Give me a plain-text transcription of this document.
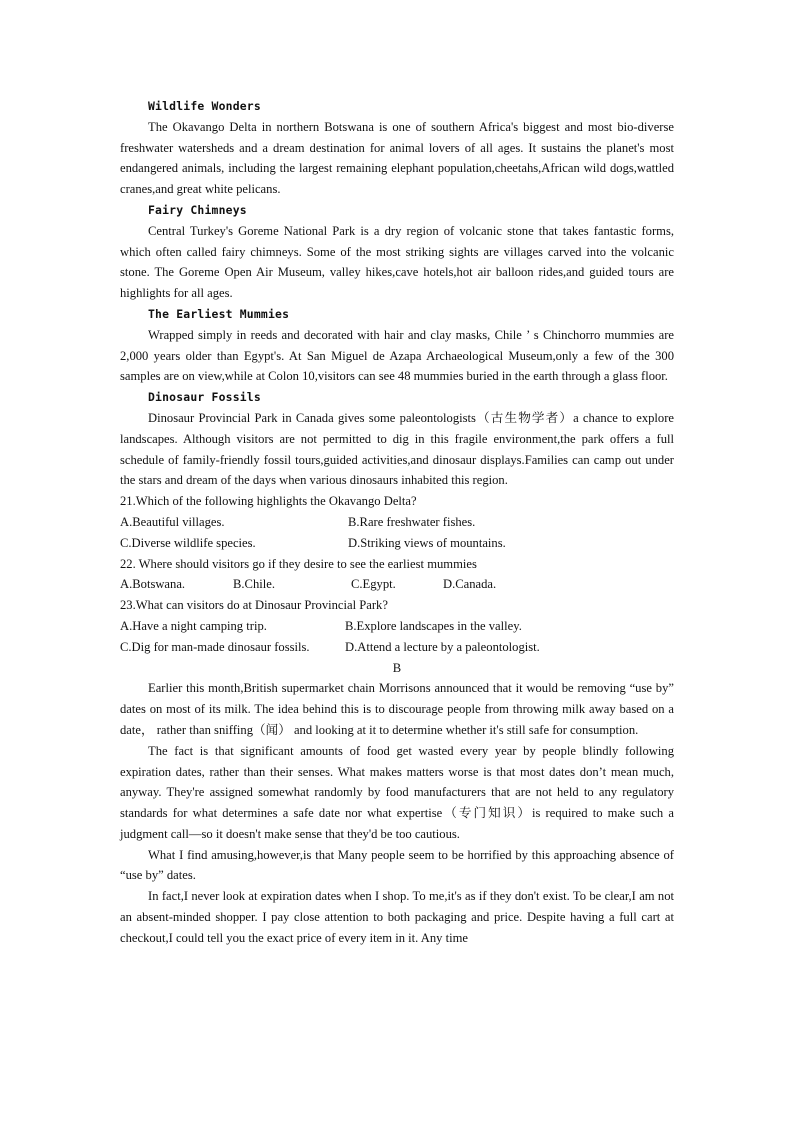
Wildlife Wonders

The Okavango Delta in northern Botswana is one of southern Africa's biggest and most bio-diverse freshwater watersheds and a dream destination for animal lovers of all ages. It sustains the planet's most endangered animals, including the largest remaining elephant population,cheetahs,African wild dogs,wattled cranes,and great white pelicans.

Fairy Chimneys

Central Turkey's Goreme National Park is a dry region of volcanic stone that takes fantastic forms, which often called fairy chimneys. Some of the most striking sights are villages carved into the volcanic stone. The Goreme Open Air Museum, valley hikes,cave hotels,hot air balloon rides,and guided tours are highlights for all ages.

The Earliest Mummies

Wrapped simply in reeds and decorated with hair and clay masks, Chile ’ s Chinchorro mummies are 2,000 years older than Egypt's. At San Miguel de Azapa Archaeological Museum,only a few of the 300 samples are on view,while at Colon 10,visitors can see 48 mummies buried in the earth through a glass floor.

Dinosaur Fossils

Dinosaur Provincial Park in Canada gives some paleontologists（古生物学者）a chance to explore landscapes. Although visitors are not permitted to dig in this fragile environment,the park offers a full schedule of family-friendly fossil tours,guided activities,and dinosaur displays.Families can camp out under the stars and dream of the days when various dinosaurs inhabited this region.

21.Which of the following highlights the Okavango Delta?

A.Beautiful villages.	B.Rare freshwater fishes.
C.Diverse wildlife species.	D.Striking views of mountains.

22. Where should visitors go if they desire to see the earliest mummies

A.Botswana.	B.Chile.	C.Egypt.	D.Canada.

23.What can visitors do at Dinosaur Provincial Park?

A.Have a night camping trip.	B.Explore landscapes in the valley.
C.Dig for man-made dinosaur fossils.	D.Attend a lecture by a paleontologist.

B

Earlier this month,British supermarket chain Morrisons announced that it would be removing “use by” dates on most of its milk. The idea behind this is to discourage people from throwing milk away based on a date， rather than sniffing（闻） and looking at it to determine whether it's still safe for consumption.

The fact is that significant amounts of food get wasted every year by people blindly following expiration dates, rather than their senses. What makes matters worse is that most dates don’t mean much, anyway. They're assigned somewhat randomly by food manufacturers that are not held to any regulatory standards for what determines a safe date nor what expertise（专门知识）is required to make such a judgment call—so it doesn't make sense that they'd be too cautious.

What I find amusing,however,is that Many people seem to be horrified by this approaching absence of “use by” dates.

In fact,I never look at expiration dates when I shop. To me,it's as if they don't exist. To be clear,I am not an absent-minded shopper. I pay close attention to both packaging and price. Despite having a full cart at checkout,I could tell you the exact price of every item in it. Any time
